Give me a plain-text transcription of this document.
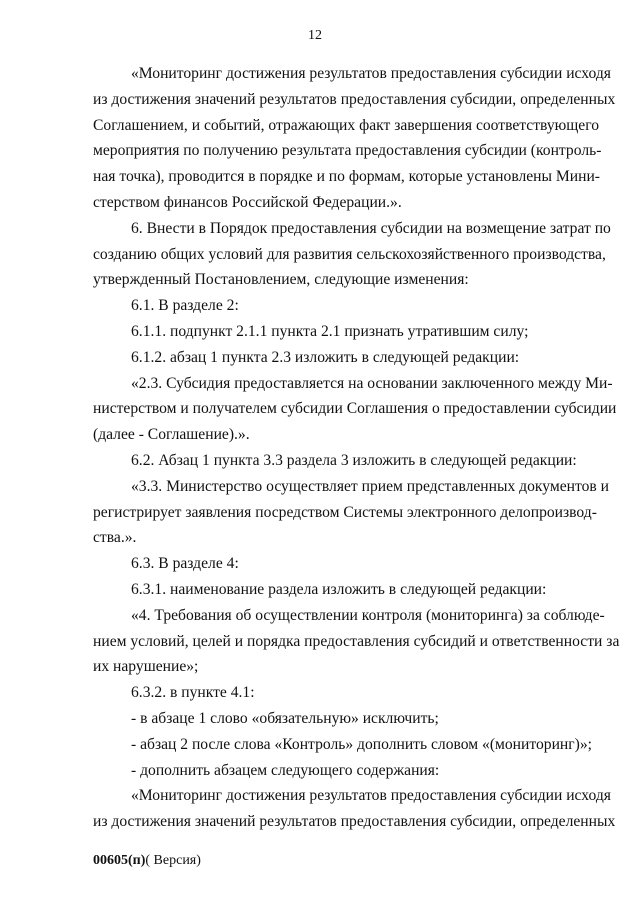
12
«Мониторинг достижения результатов предоставления субсидии исходя
из достижения значений результатов предоставления субсидии, определенных
Соглашением, и событий, отражающих факт завершения соответствующего
мероприятия по получению результата предоставления субсидии (контроль-
ная точка), проводится в порядке и по формам, которые установлены Мини-
стерством финансов Российской Федерации.».
6. Внести в Порядок предоставления субсидии на возмещение затрат по
созданию общих условий для развития сельскохозяйственного производства,
утвержденный Постановлением, следующие изменения:
6.1. В разделе 2:
6.1.1. подпункт 2.1.1 пункта 2.1 признать утратившим силу;
6.1.2. абзац 1 пункта 2.3 изложить в следующей редакции:
«2.3. Субсидия предоставляется на основании заключенного между Ми-
нистерством и получателем субсидии Соглашения о предоставлении субсидии
(далее - Соглашение).».
6.2. Абзац 1 пункта 3.3 раздела 3 изложить в следующей редакции:
«3.3. Министерство осуществляет прием представленных документов и
регистрирует заявления посредством Системы электронного делопроизвод-
ства.».
6.3. В разделе 4:
6.3.1. наименование раздела изложить в следующей редакции:
«4. Требования об осуществлении контроля (мониторинга) за соблюде-
нием условий, целей и порядка предоставления субсидий и ответственности за
их нарушение»;
6.3.2. в пункте 4.1:
- в абзаце 1 слово «обязательную» исключить;
- абзац 2 после слова «Контроль» дополнить словом «(мониторинг)»;
- дополнить абзацем следующего содержания:
«Мониторинг достижения результатов предоставления субсидии исходя
из достижения значений результатов предоставления субсидии, определенных
00605(п)( Версия)
